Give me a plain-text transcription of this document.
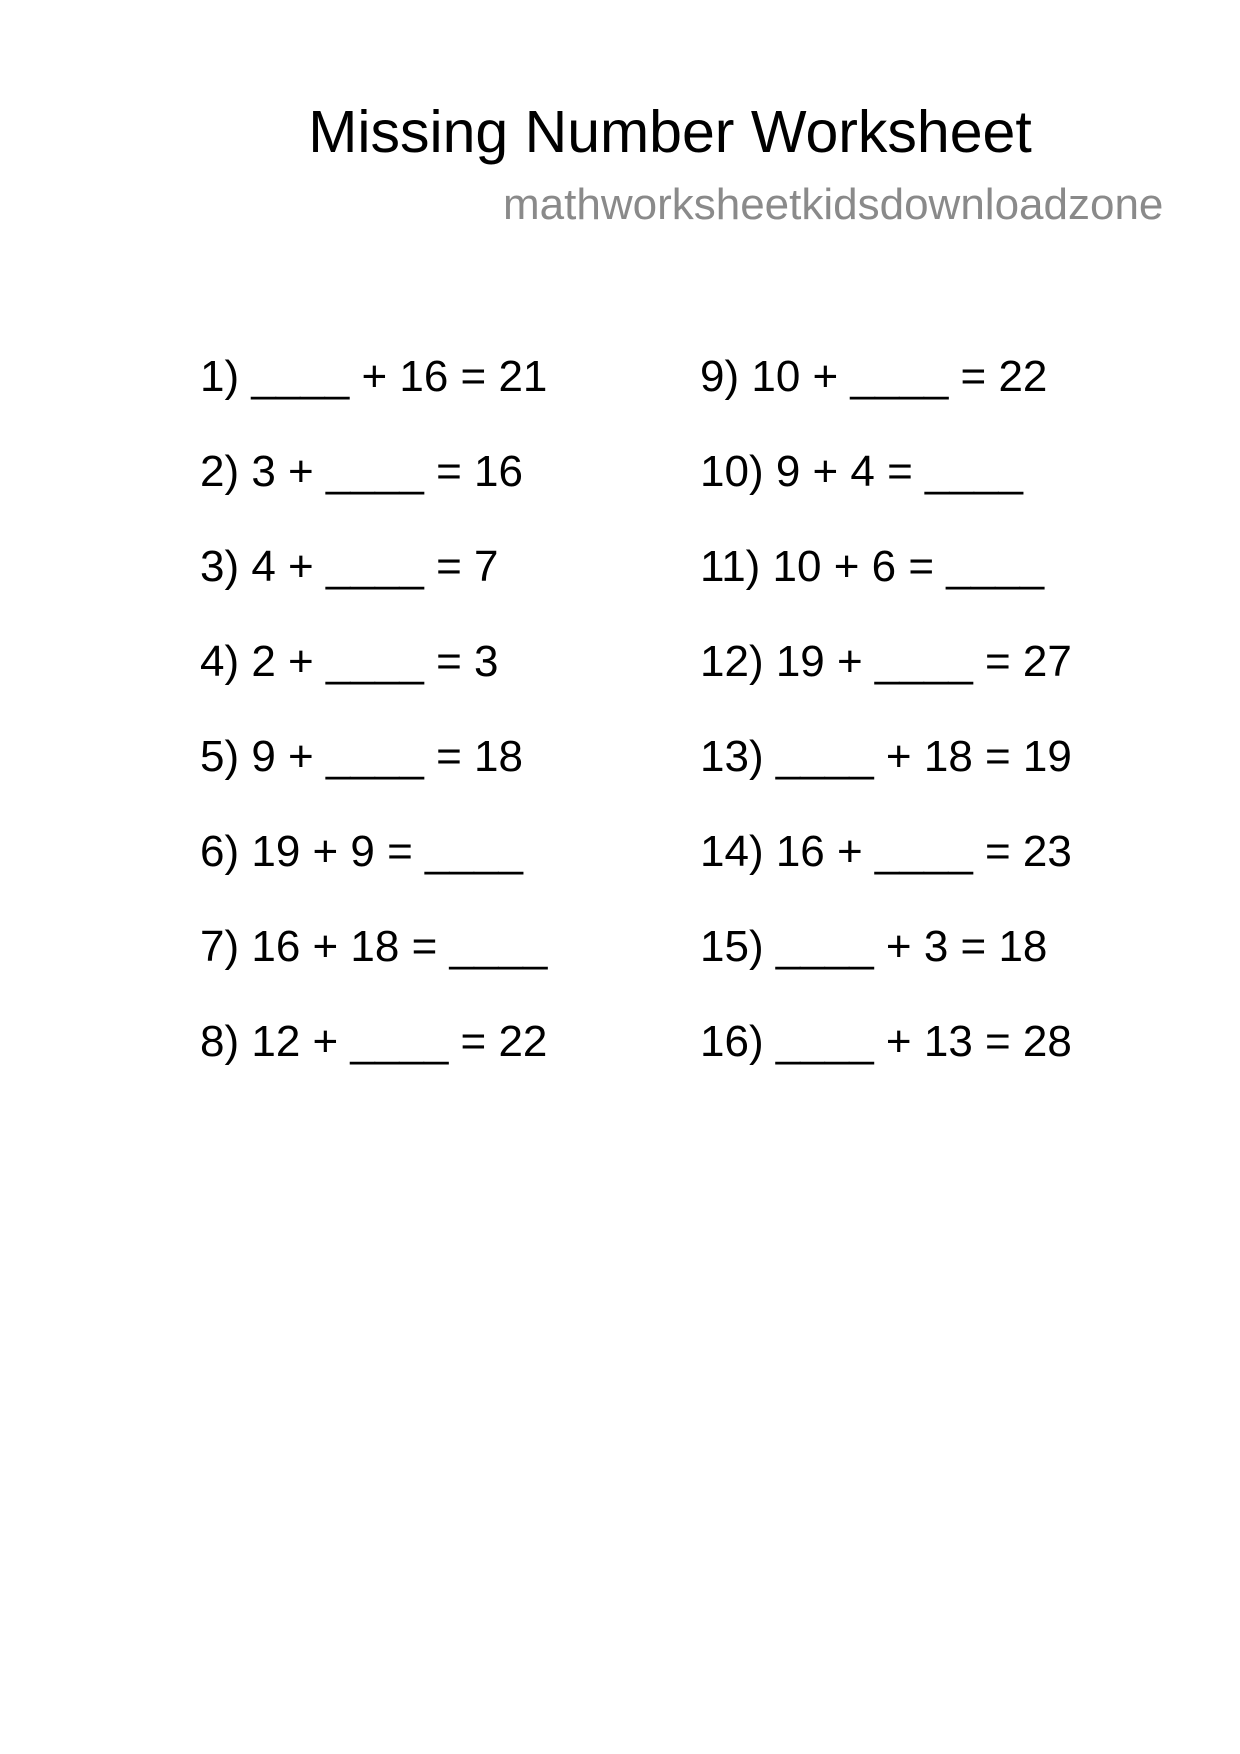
Missing Number Worksheet
mathworksheetkidsdownloadzone
1) ____ + 16 = 21
2) 3 + ____ = 16
3) 4 + ____ = 7
4) 2 + ____ = 3
5) 9 + ____ = 18
6) 19 + 9 = ____
7) 16 + 18 = ____
8) 12 + ____ = 22
9) 10 + ____ = 22
10) 9 + 4 = ____
11) 10 + 6 = ____
12) 19 + ____ = 27
13) ____ + 18 = 19
14) 16 + ____ = 23
15) ____ + 3 = 18
16) ____ + 13 = 28
